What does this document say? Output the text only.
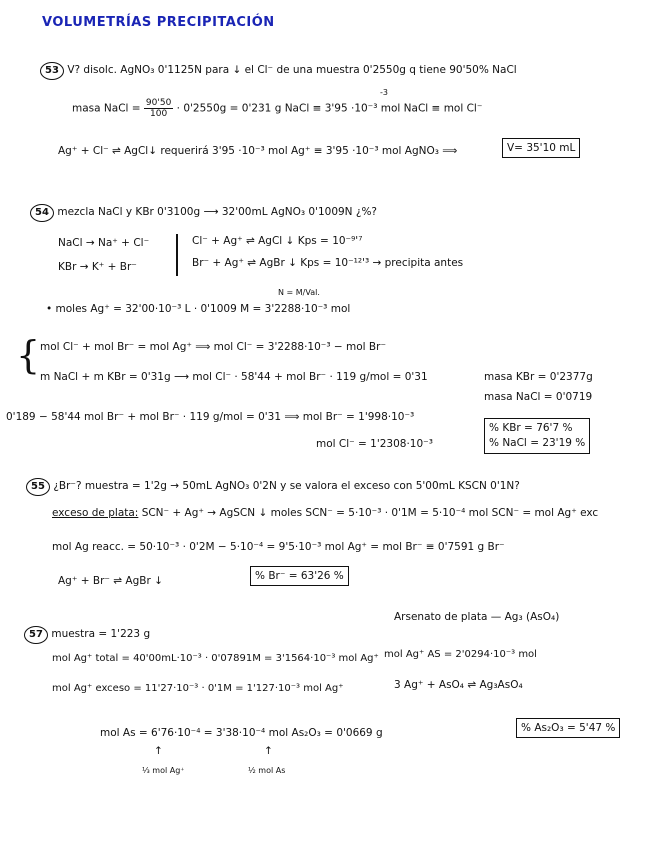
VOLUMETRÍAS PRECIPITACIÓN
53 V? disolc. AgNO₃ 0'1125N para ↓ el Cl⁻ de una muestra 0'2550g q tiene 90'50% NaCl
-3
masa NaCl = $\frac{90'50}{100} \cdot 0'2550g = 0'231$ g NaCl ≡ 3'95 ·10⁻³ mol NaCl ≡ mol Cl⁻
Ag⁺ + Cl⁻ ⇌ AgCl↓ requerirá 3'95 ·10⁻³ mol Ag⁺ ≡ 3'95 ·10⁻³ mol AgNO₃ ⟹	V= 35'10 mL
54 mezcla NaCl y KBr 0'3100g ⟶ 32'00mL AgNO₃ 0'1009N ¿%?
NaCl → Na⁺ + Cl⁻
KBr → K⁺ + Br⁻
Cl⁻ + Ag⁺ ⇌ AgCl ↓ Kps = 10⁻⁹'⁷
Br⁻ + Ag⁺ ⇌ AgBr ↓ Kps = 10⁻¹²'³ → precipita antes
N = M/Val.
• moles Ag⁺ = 32'00·10⁻³ L · 0'1009 M = 3'2288·10⁻³ mol
{ mol Cl⁻ + mol Br⁻ = mol Ag⁺ ⟹ mol Cl⁻ = 3'2288·10⁻³ − mol Br⁻
m NaCl + m KBr = 0'31g ⟶ mol Cl⁻ · 58'44 + mol Br⁻ · 119 g/mol = 0'31	masa KBr = 0'2377g
masa NaCl = 0'0719
0'189 − 58'44 mol Br⁻ + mol Br⁻ · 119 g/mol = 0'31 ⟹ mol Br⁻ = 1'998·10⁻³
mol Cl⁻ = 1'2308·10⁻³
% KBr = 76'7 %
% NaCl = 23'19 %
55 ¿Br⁻? muestra = 1'2g → 50mL AgNO₃ 0'2N y se valora el exceso con 5'00mL KSCN 0'1N?
exceso de plata: SCN⁻ + Ag⁺ → AgSCN ↓ moles SCN⁻ = 5·10⁻³ · 0'1M = 5·10⁻⁴ mol SCN⁻ = mol Ag⁺ exc
mol Ag reacc. = 50·10⁻³ · 0'2M − 5·10⁻⁴ = 9'5·10⁻³ mol Ag⁺ = mol Br⁻ ≡ 0'7591 g Br⁻
Ag⁺ + Br⁻ ⇌ AgBr ↓	% Br⁻ = 63'26 %
57 muestra = 1'223 g
Arsenato de plata — Ag₃ (AsO₄)
mol Ag⁺ total = 40'00mL·10⁻³ · 0'07891M = 3'1564·10⁻³ mol Ag⁺ mol Ag⁺ AS = 2'0294·10⁻³ mol
mol Ag⁺ exceso = 11'27·10⁻³ · 0'1M = 1'127·10⁻³ mol Ag⁺	3 Ag⁺ + AsO₄ ⇌ Ag₃AsO₄
mol As = 6'76·10⁻⁴ = 3'38·10⁻⁴ mol As₂O₃ = 0'0669 g	% As₂O₃ = 5'47 %
↑	↑
⅓ mol Ag⁺	½ mol As
